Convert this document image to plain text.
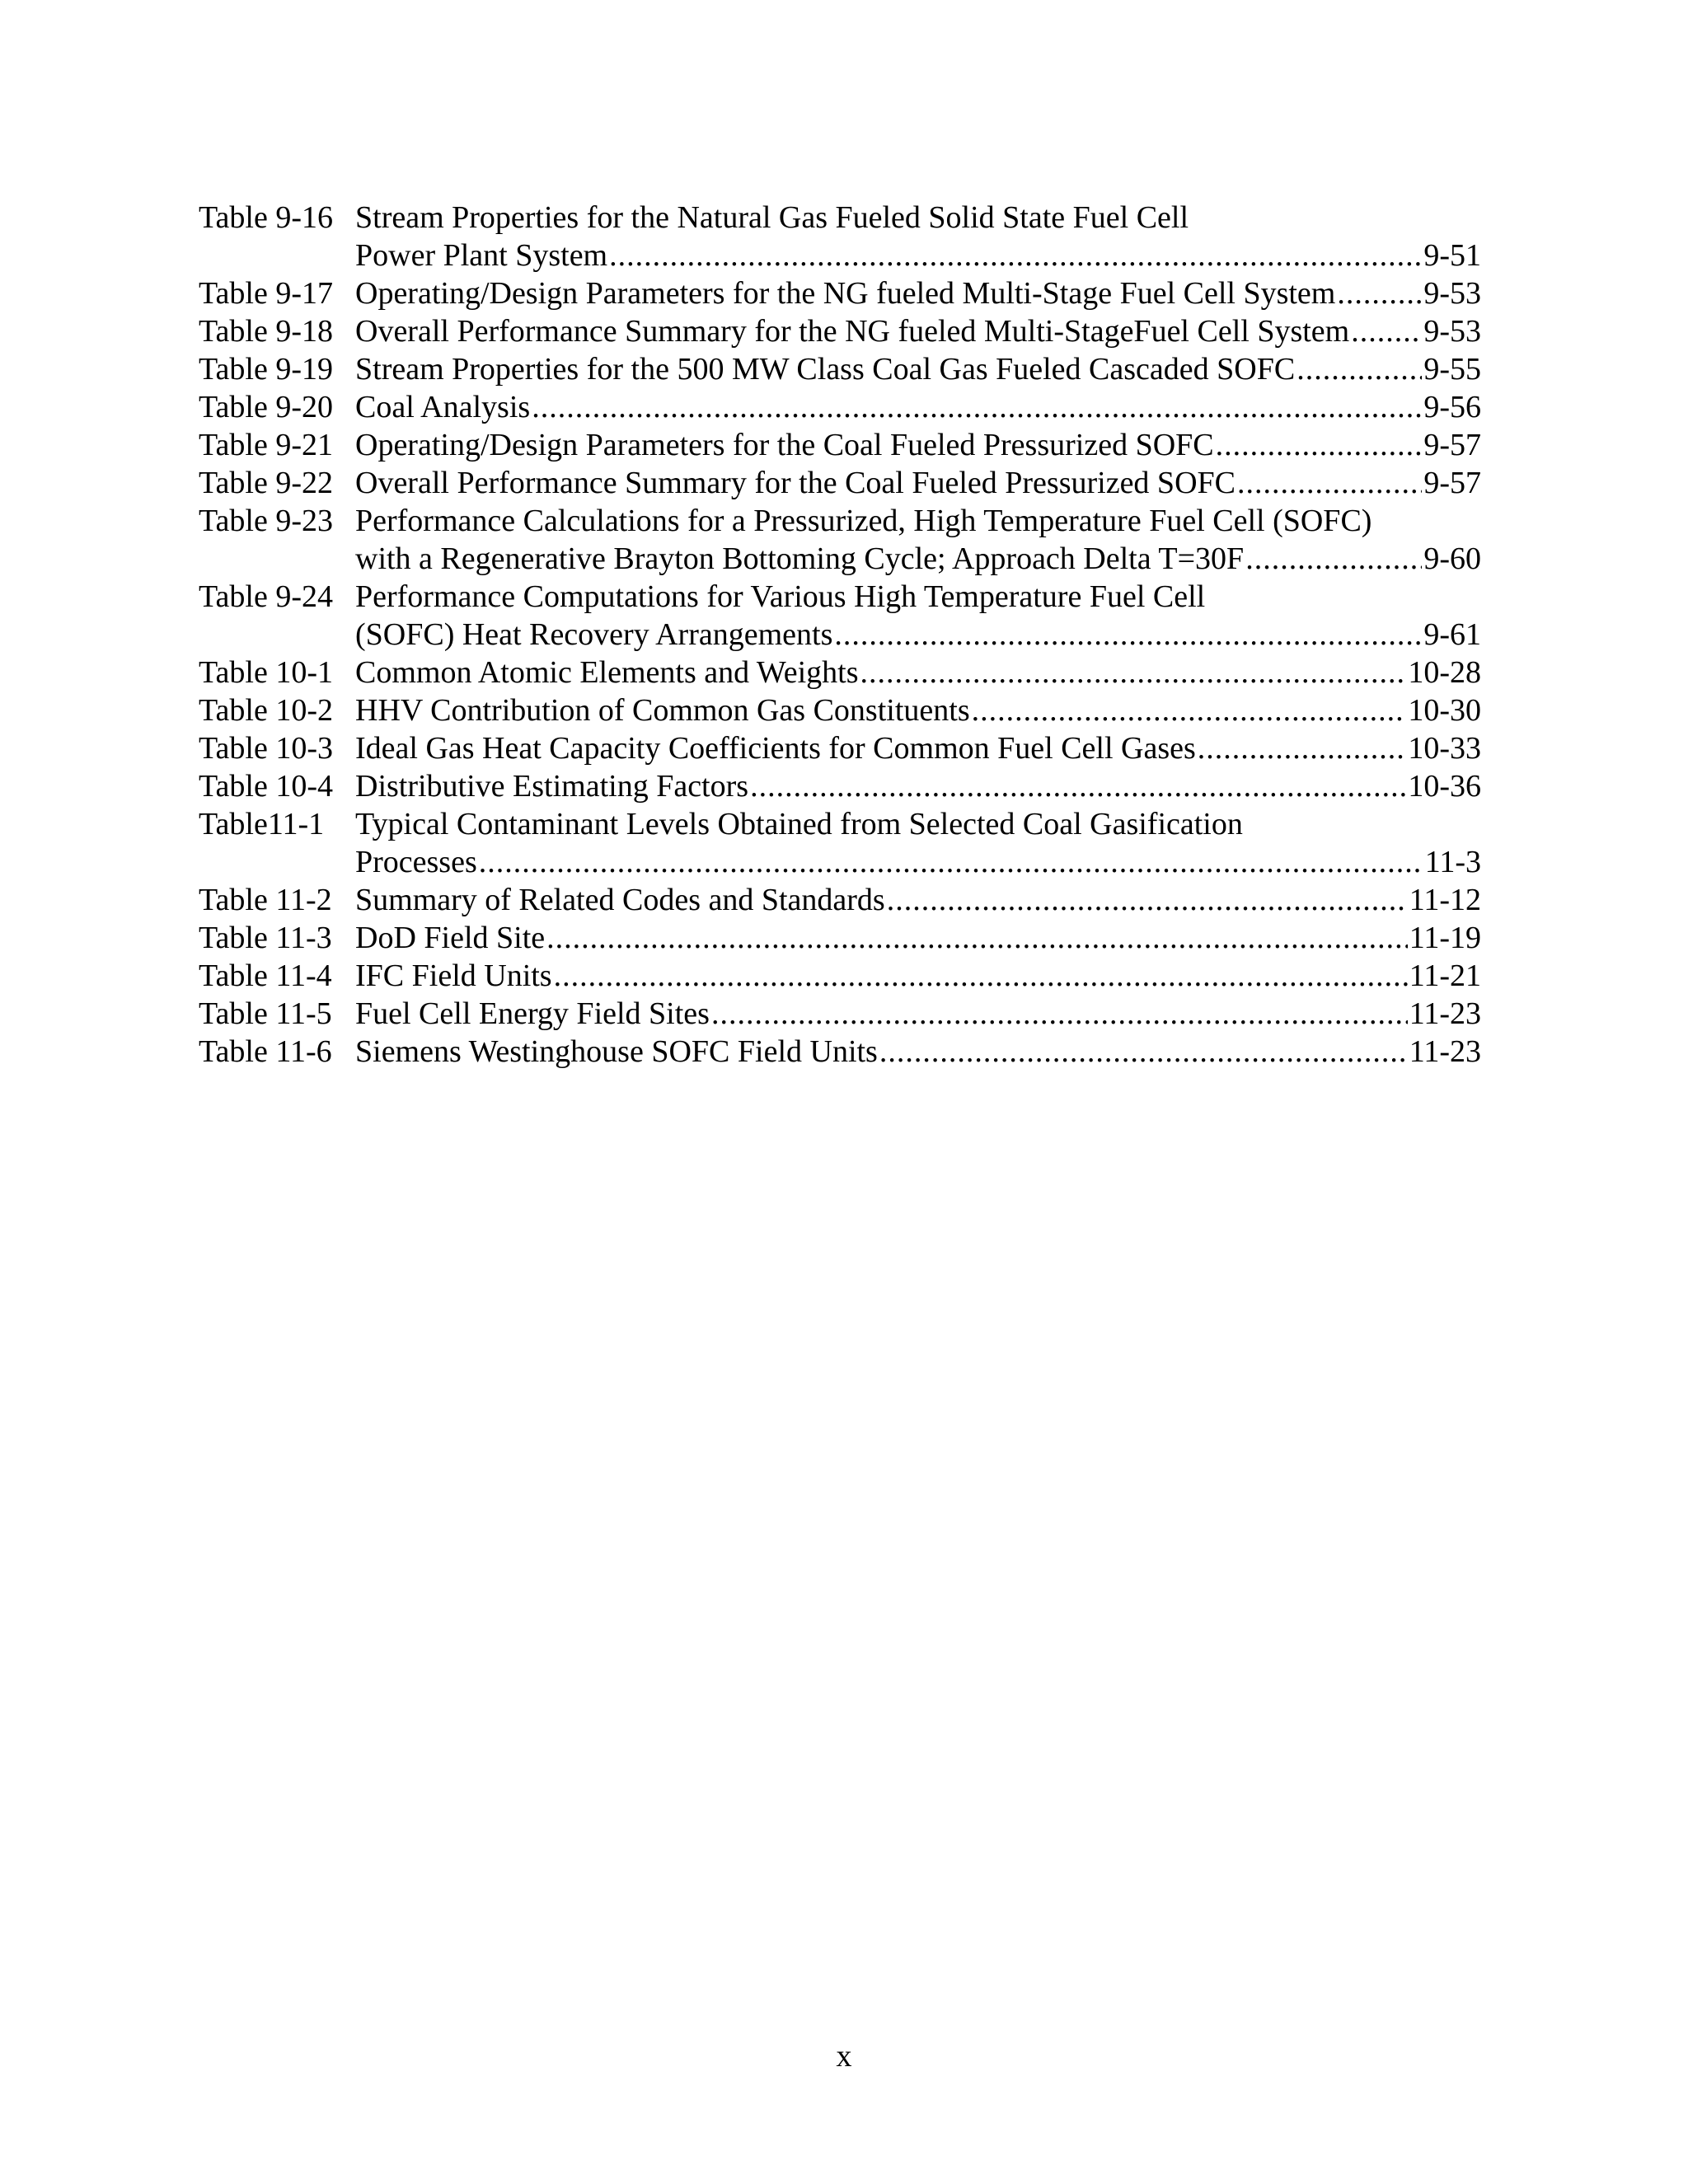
Table 9-16 Stream Properties for the Natural Gas Fueled Solid State Fuel Cell
Power Plant System .....	9-51
Table 9-17 Operating/Design Parameters for the NG fueled Multi-Stage Fuel Cell System .....	9-53
Table 9-18 Overall Performance Summary for the NG fueled Multi-StageFuel Cell System ..... 9-53
Table 9-19 Stream Properties for the 500 MW Class Coal Gas Fueled Cascaded SOFC .....	9-55
Table 9-20 Coal Analysis .....	9-56
Table 9-21 Operating/Design Parameters for the Coal Fueled Pressurized SOFC .....	9-57
Table 9-22 Overall Performance Summary for the Coal Fueled Pressurized SOFC .....	9-57
Table 9-23 Performance Calculations for a Pressurized, High Temperature Fuel Cell (SOFC)
with a Regenerative Brayton Bottoming Cycle; Approach Delta T=30F .....	9-60
Table 9-24 Performance Computations for Various High Temperature Fuel Cell
(SOFC) Heat Recovery Arrangements .....	9-61
Table 10-1 Common Atomic Elements and Weights .....	10-28
Table 10-2 HHV Contribution of Common Gas Constituents .....	10-30
Table 10-3 Ideal Gas Heat Capacity Coefficients for Common Fuel Cell Gases .....	10-33
Table 10-4 Distributive Estimating Factors .....	10-36
Table11-1 Typical Contaminant Levels Obtained from Selected Coal Gasification
Processes .....	11-3
Table 11-2 Summary of Related Codes and Standards .....	11-12
Table 11-3 DoD Field Site .....	11-19
Table 11-4 IFC Field Units .....	11-21
Table 11-5 Fuel Cell Energy Field Sites .....	11-23
Table 11-6 Siemens Westinghouse SOFC Field Units .....	11-23
x
